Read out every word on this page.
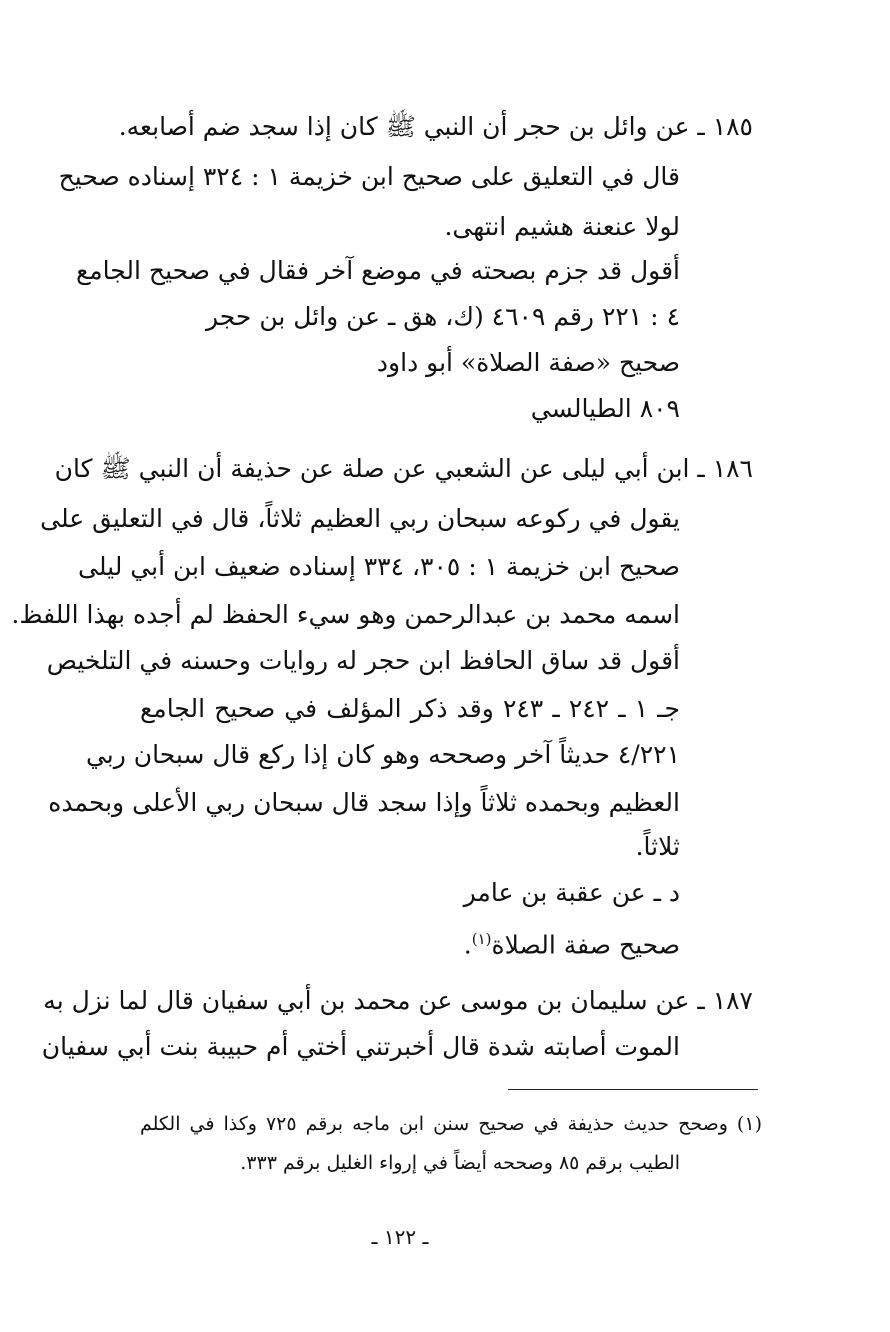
١٨٥ ـ عن وائل بن حجر أن النبي ﷺ كان إذا سجد ضم أصابعه.
قال في التعليق على صحيح ابن خزيمة ١ : ٣٢٤ إسناده صحيح
لولا عنعنة هشيم انتهى.
أقول قد جزم بصحته في موضع آخر فقال في صحيح الجامع
٤ : ٢٢١ رقم ٤٦٠٩ (ك، هق ـ عن وائل بن حجر
صحيح «صفة الصلاة» أبو داود
٨٠٩ الطيالسي
١٨٦ ـ ابن أبي ليلى عن الشعبي عن صلة عن حذيفة أن النبي ﷺ كان
يقول في ركوعه سبحان ربي العظيم ثلاثاً، قال في التعليق على
صحيح ابن خزيمة ١ : ٣٠٥، ٣٣٤ إسناده ضعيف ابن أبي ليلى
اسمه محمد بن عبدالرحمن وهو سيء الحفظ لم أجده بهذا اللفظ.
أقول قد ساق الحافظ ابن حجر له روايات وحسنه في التلخيص
جـ ١ ـ ٢٤٢ ـ ٢٤٣ وقد ذكر المؤلف في صحيح الجامع
٤/٢٢١ حديثاً آخر وصححه وهو كان إذا ركع قال سبحان ربي
العظيم وبحمده ثلاثاً وإذا سجد قال سبحان ربي الأعلى وبحمده
ثلاثاً.
د ـ عن عقبة بن عامر
صحيح صفة الصلاة$^{(١)}$.
١٨٧ ـ عن سليمان بن موسى عن محمد بن أبي سفيان قال لما نزل به
الموت أصابته شدة قال أخبرتني أختي أم حبيبة بنت أبي سفيان
(١) وصحح حديث حذيفة في صحيح سنن ابن ماجه برقم ٧٢٥ وكذا في الكلم
الطيب برقم ٨٥ وصححه أيضاً في إرواء الغليل برقم ٣٣٣.
ـ ١٢٢ ـ
